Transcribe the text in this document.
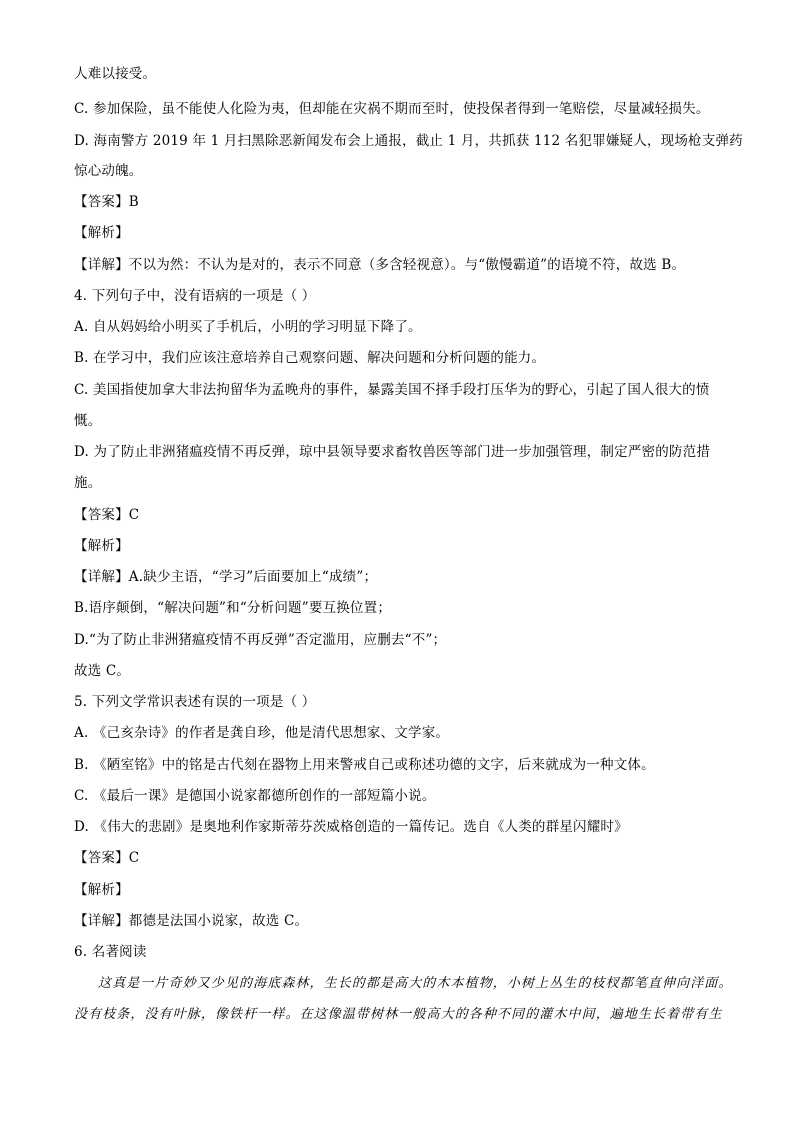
人难以接受。
C. 参加保险，虽不能使人化险为夷，但却能在灾祸不期而至时，使投保者得到一笔赔偿，尽量减轻损失。
D. 海南警方 2019 年 1 月扫黑除恶新闻发布会上通报，截止 1 月，共抓获 112 名犯罪嫌疑人，现场枪支弹药
惊心动魄。
【答案】B
【解析】
【详解】不以为然：不认为是对的，表示不同意（多含轻视意）。与“傲慢霸道”的语境不符，故选 B。
4. 下列句子中，没有语病的一项是（ ）
A. 自从妈妈给小明买了手机后，小明的学习明显下降了。
B. 在学习中，我们应该注意培养自己观察问题、解决问题和分析问题的能力。
C. 美国指使加拿大非法拘留华为孟晚舟的事件，暴露美国不择手段打压华为的野心，引起了国人很大的愤
慨。
D. 为了防止非洲猪瘟疫情不再反弹，琼中县领导要求畜牧兽医等部门进一步加强管理，制定严密的防范措
施。
【答案】C
【解析】
【详解】A.缺少主语，“学习”后面要加上“成绩”；
B.语序颠倒，“解决问题”和“分析问题”要互换位置；
D.“为了防止非洲猪瘟疫情不再反弹”否定滥用，应删去“不”；
故选 C。
5. 下列文学常识表述有误的一项是（ ）
A. 《己亥杂诗》的作者是龚自珍，他是清代思想家、文学家。
B. 《陋室铭》中的铭是古代刻在器物上用来警戒自己或称述功德的文字，后来就成为一种文体。
C. 《最后一课》是德国小说家都德所创作的一部短篇小说。
D. 《伟大的悲剧》是奥地利作家斯蒂芬茨威格创造的一篇传记。选自《人类的群星闪耀时》
【答案】C
【解析】
【详解】都德是法国小说家，故选 C。
6. 名著阅读
这真是一片奇妙又少见的海底森林，生长的都是高大的木本植物，小树上丛生的枝杈都笔直伸向洋面。
没有枝条，没有叶脉，像铁杆一样。在这像温带树林一般高大的各种不同的灌木中间，遍地生长着带有生
